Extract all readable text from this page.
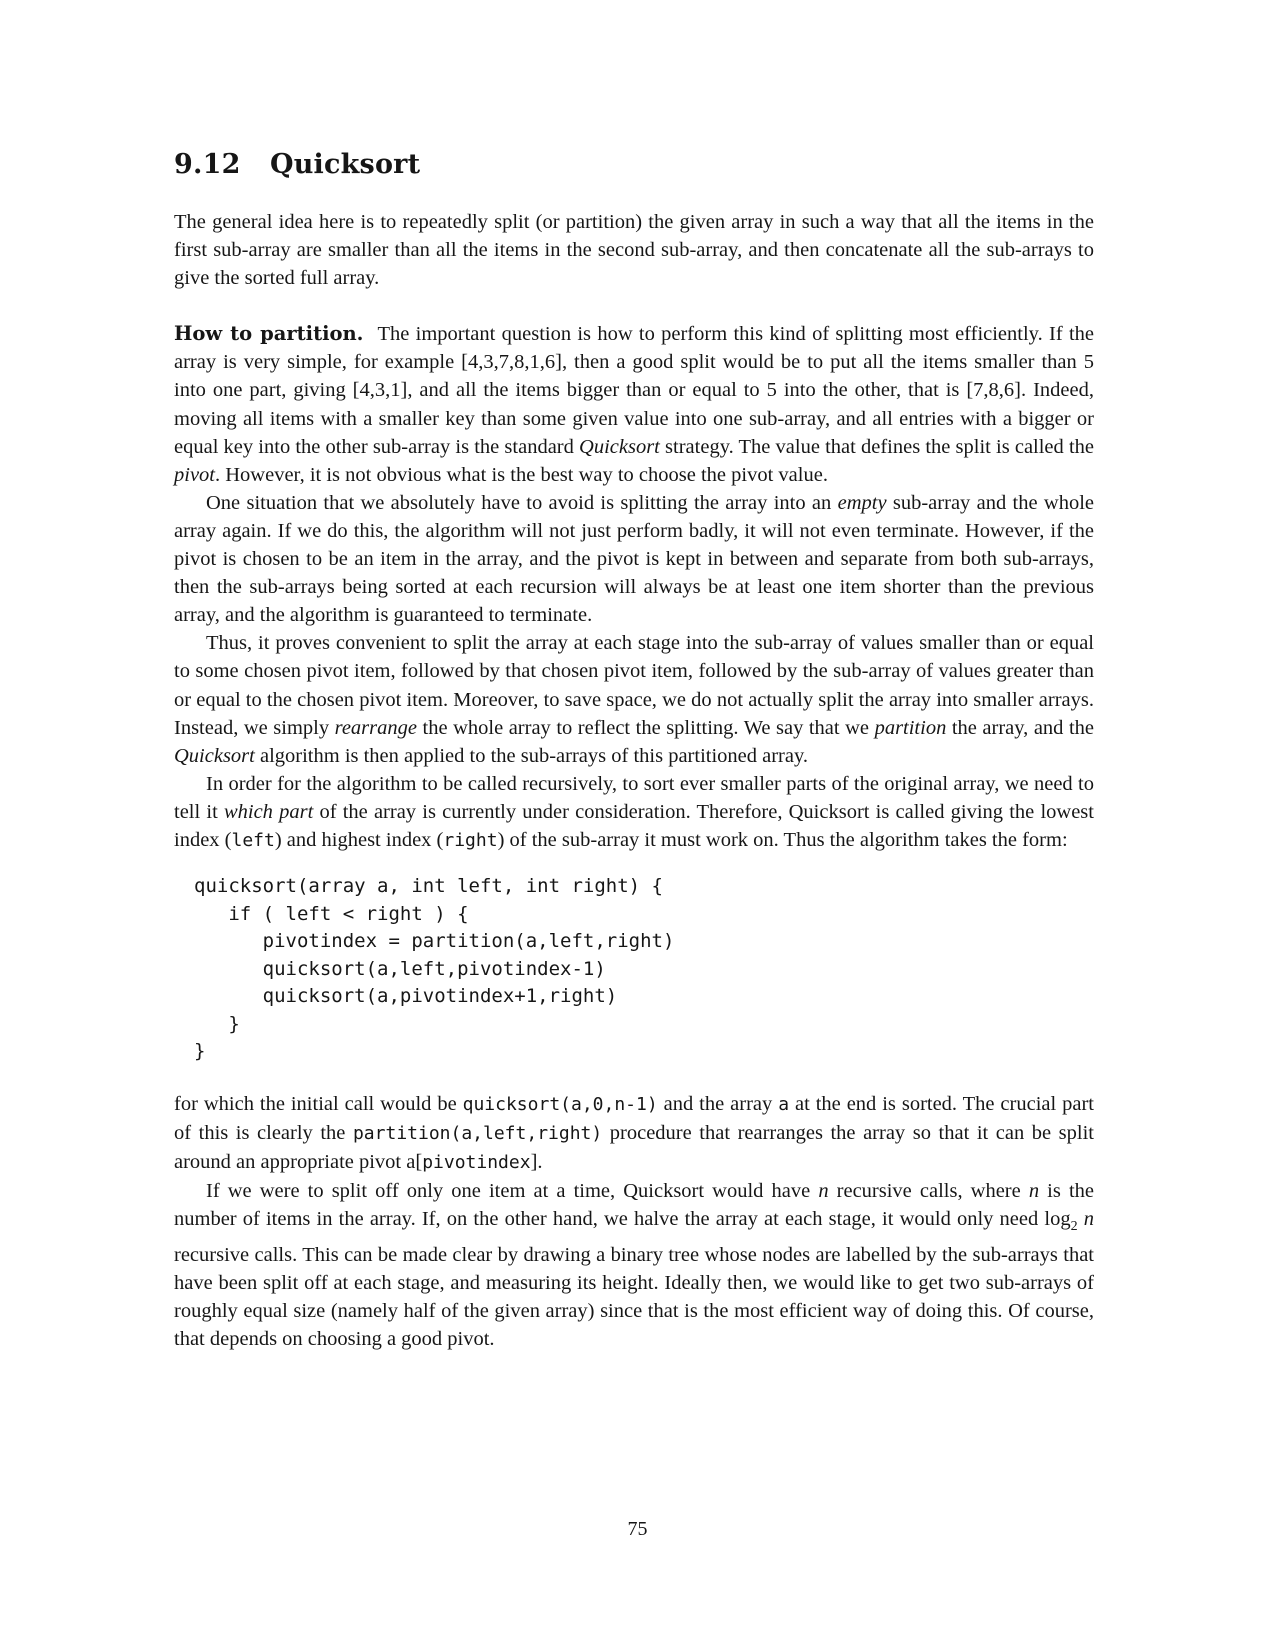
9.12 Quicksort

The general idea here is to repeatedly split (or partition) the given array in such a way that all the items in the first sub-array are smaller than all the items in the second sub-array, and then concatenate all the sub-arrays to give the sorted full array.

How to partition. The important question is how to perform this kind of splitting most efficiently. If the array is very simple, for example [4,3,7,8,1,6], then a good split would be to put all the items smaller than 5 into one part, giving [4,3,1], and all the items bigger than or equal to 5 into the other, that is [7,8,6]. Indeed, moving all items with a smaller key than some given value into one sub-array, and all entries with a bigger or equal key into the other sub-array is the standard Quicksort strategy. The value that defines the split is called the pivot. However, it is not obvious what is the best way to choose the pivot value.

One situation that we absolutely have to avoid is splitting the array into an empty sub-array and the whole array again. If we do this, the algorithm will not just perform badly, it will not even terminate. However, if the pivot is chosen to be an item in the array, and the pivot is kept in between and separate from both sub-arrays, then the sub-arrays being sorted at each recursion will always be at least one item shorter than the previous array, and the algorithm is guaranteed to terminate.

Thus, it proves convenient to split the array at each stage into the sub-array of values smaller than or equal to some chosen pivot item, followed by that chosen pivot item, followed by the sub-array of values greater than or equal to the chosen pivot item. Moreover, to save space, we do not actually split the array into smaller arrays. Instead, we simply rearrange the whole array to reflect the splitting. We say that we partition the array, and the Quicksort algorithm is then applied to the sub-arrays of this partitioned array.

In order for the algorithm to be called recursively, to sort ever smaller parts of the original array, we need to tell it which part of the array is currently under consideration. Therefore, Quicksort is called giving the lowest index (left) and highest index (right) of the sub-array it must work on. Thus the algorithm takes the form:

quicksort(array a, int left, int right) {
if ( left < right ) {
pivotindex = partition(a,left,right)
quicksort(a,left,pivotindex-1)
quicksort(a,pivotindex+1,right)
}
}

for which the initial call would be quicksort(a,0,n-1) and the array a at the end is sorted. The crucial part of this is clearly the partition(a,left,right) procedure that rearranges the array so that it can be split around an appropriate pivot a[pivotindex].

If we were to split off only one item at a time, Quicksort would have n recursive calls, where n is the number of items in the array. If, on the other hand, we halve the array at each stage, it would only need $\log_2 n$ recursive calls. This can be made clear by drawing a binary tree whose nodes are labelled by the sub-arrays that have been split off at each stage, and measuring its height. Ideally then, we would like to get two sub-arrays of roughly equal size (namely half of the given array) since that is the most efficient way of doing this. Of course, that depends on choosing a good pivot.

75
